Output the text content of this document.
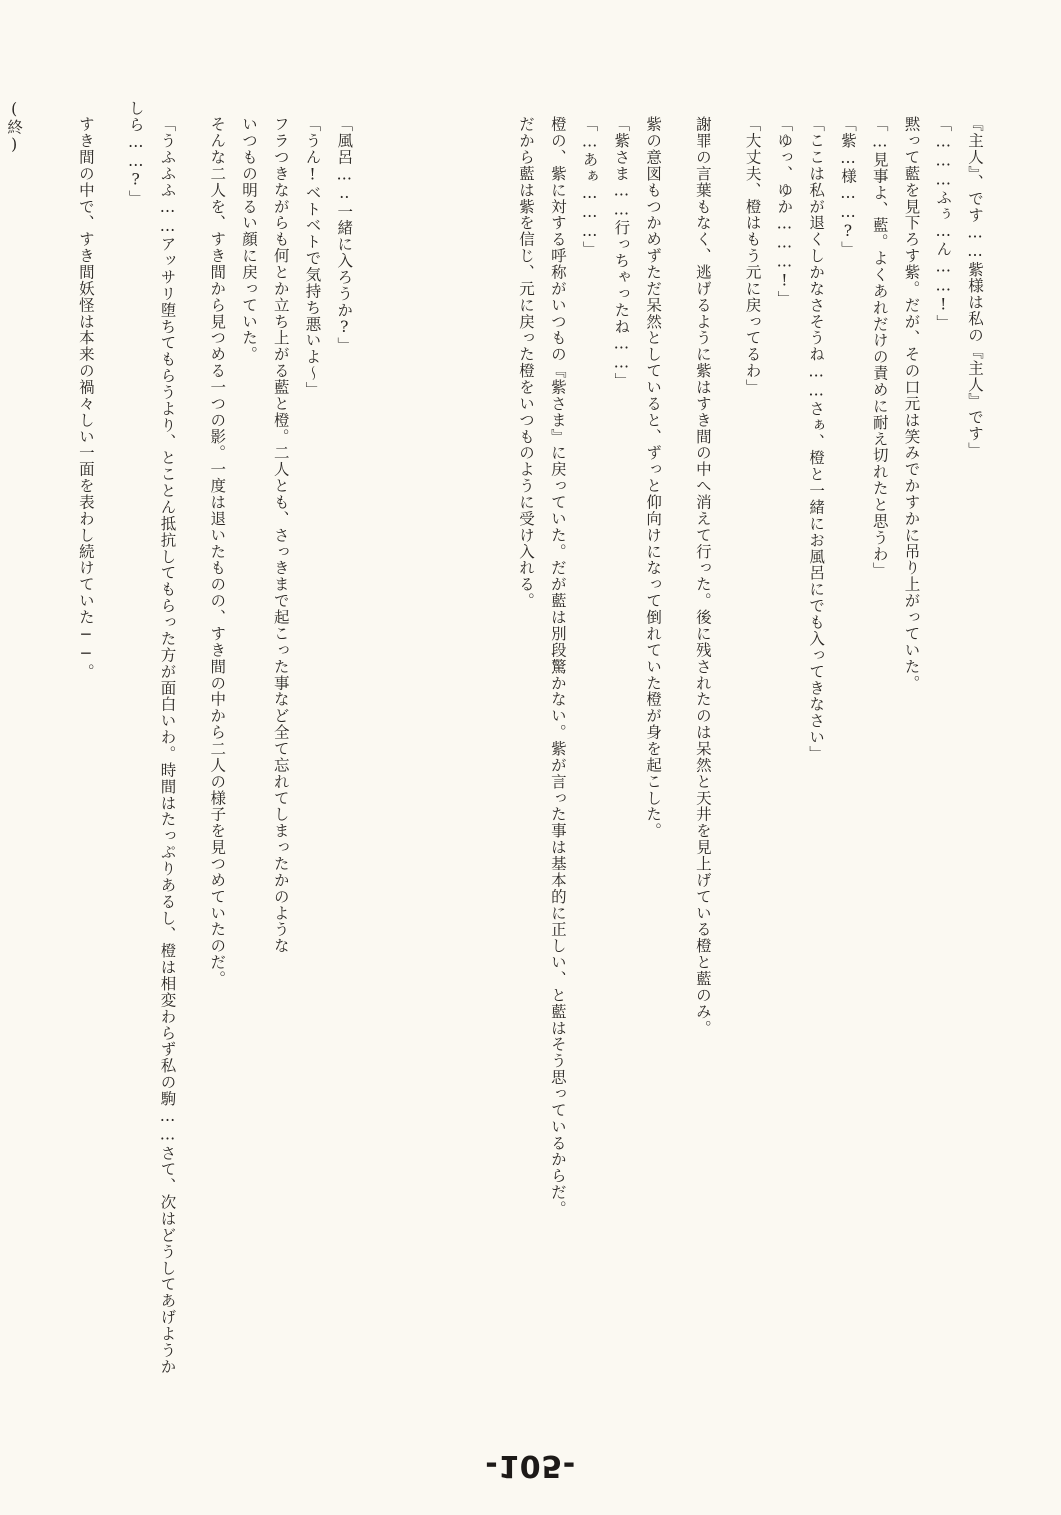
『主人』、です……紫様は私の『主人』です」
「………ふぅ…ん……!」
黙って藍を見下ろす紫。だが、その口元は笑みでかすかに吊り上がっていた。
「…見事よ、藍。よくあれだけの責めに耐え切れたと思うわ」
「紫…様……?」
「ここは私が退くしかなさそうね……さぁ、橙と一緒にお風呂にでも入ってきなさい」
「ゆっ、ゆか………!」
「大丈夫、橙はもう元に戻ってるわ」
謝罪の言葉もなく、逃げるように紫はすき間の中へ消えて行った。後に残されたのは呆然と天井を見上げている橙と藍のみ。
紫の意図もつかめずただ呆然としていると、ずっと仰向けになって倒れていた橙が身を起こした。
「紫さま……行っちゃったね……」
「…あぁ………」
橙の、紫に対する呼称がいつもの『紫さま』に戻っていた。だが藍は別段驚かない。紫が言った事は基本的に正しい、と藍はそう思っているからだ。
だから藍は紫を信じ、元に戻った橙をいつものように受け入れる。
「風呂…‥一緒に入ろうか?」
「うん!ベトベトで気持ち悪いよ〜」
フラつきながらも何とか立ち上がる藍と橙。二人とも、さっきまで起こった事など全て忘れてしまったかのような
いつもの明るい顔に戻っていた。
そんな二人を、すき間から見つめる一つの影。一度は退いたものの、すき間の中から二人の様子を見つめていたのだ。
「うふふふ……アッサリ堕ちてもらうより、とことん抵抗してもらった方が面白いわ。時間はたっぷりあるし、橙は相変わらず私の駒……さて、次はどうしてあげようかしら……?」
すき間の中で、すき間妖怪は本来の禍々しい一面を表わし続けていた──。
(終)
-105-
